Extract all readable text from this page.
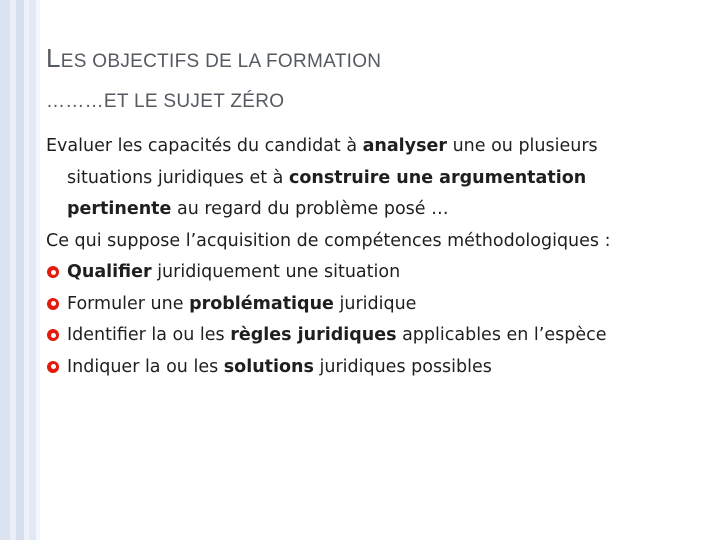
LES OBJECTIFS DE LA FORMATION
………ET LE SUJET ZÉRO

Evaluer les capacités du candidat à analyser une ou plusieurs situations juridiques et à construire une argumentation pertinente au regard du problème posé …

Ce qui suppose l’acquisition de compétences méthodologiques :

Qualifier juridiquement une situation
Formuler une problématique juridique
Identifier la ou les règles juridiques applicables en l’espèce
Indiquer la ou les solutions juridiques possibles
